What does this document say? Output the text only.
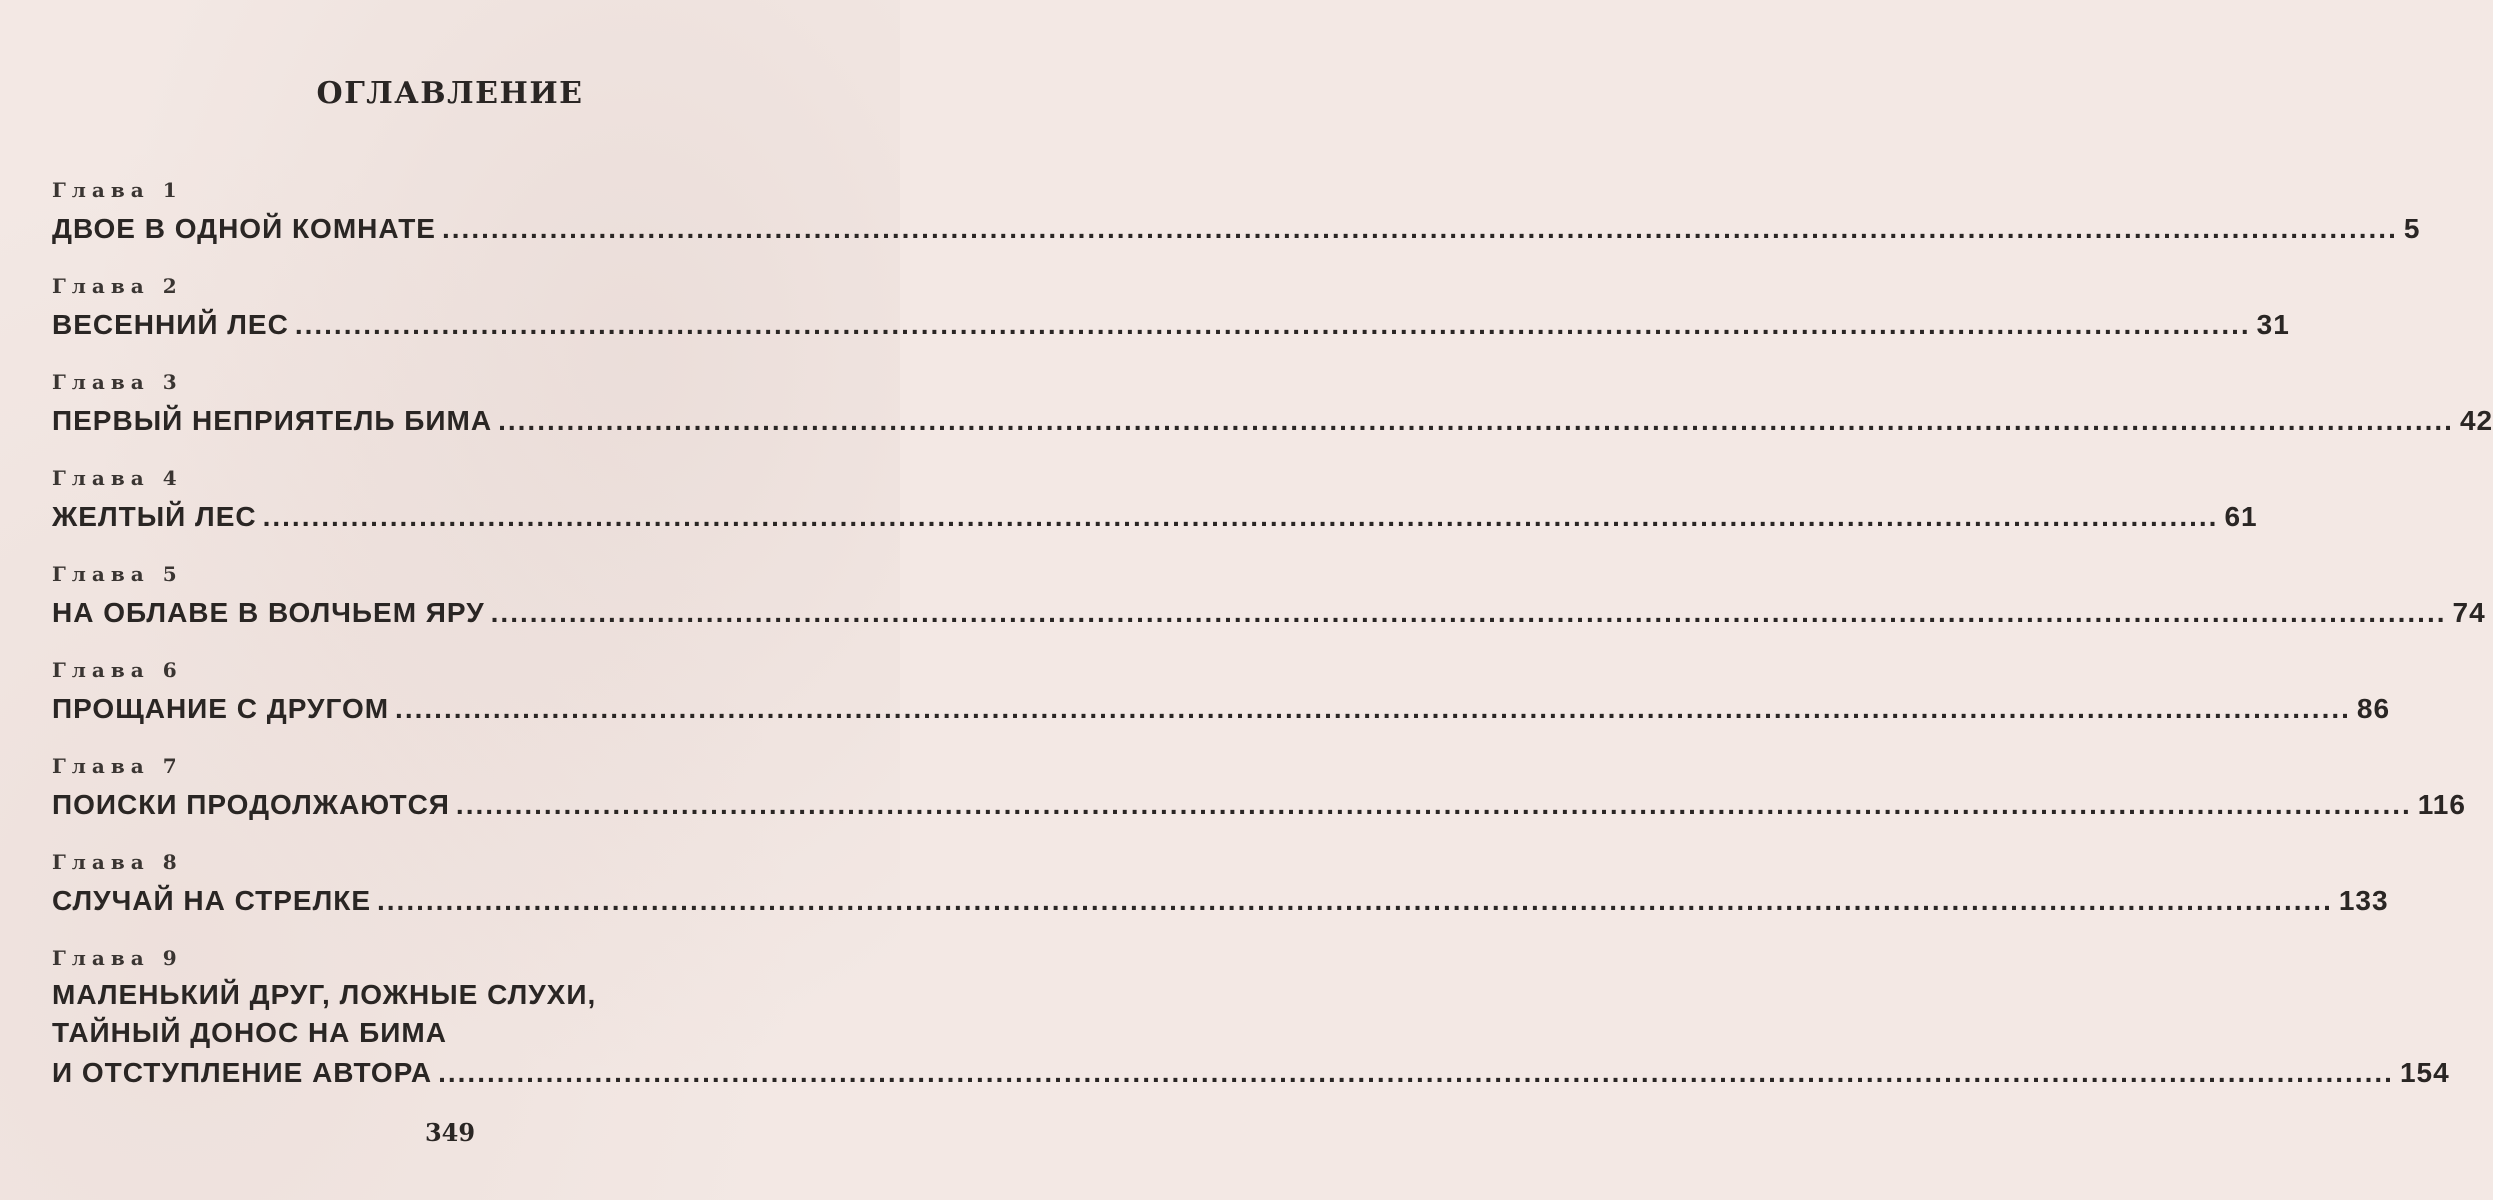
ОГЛАВЛЕНИЕ
Глава 1
ДВОЕ В ОДНОЙ КОМНАТЕ ........................................................................................................................................................................................................ 5
Глава 2
ВЕСЕННИЙ ЛЕС ........................................................................................................................................................................................................ 31
Глава 3
ПЕРВЫЙ НЕПРИЯТЕЛЬ БИМА ........................................................................................................................................................................................................ 42
Глава 4
ЖЕЛТЫЙ ЛЕС ........................................................................................................................................................................................................ 61
Глава 5
НА ОБЛАВЕ В ВОЛЧЬЕМ ЯРУ ........................................................................................................................................................................................................ 74
Глава 6
ПРОЩАНИЕ С ДРУГОМ ........................................................................................................................................................................................................ 86
Глава 7
ПОИСКИ ПРОДОЛЖАЮТСЯ ........................................................................................................................................................................................................ 116
Глава 8
СЛУЧАЙ НА СТРЕЛКЕ ........................................................................................................................................................................................................ 133
Глава 9
МАЛЕНЬКИЙ ДРУГ, ЛОЖНЫЕ СЛУХИ,
ТАЙНЫЙ ДОНОС НА БИМА
И ОТСТУПЛЕНИЕ АВТОРА ........................................................................................................................................................................................................ 154
349
